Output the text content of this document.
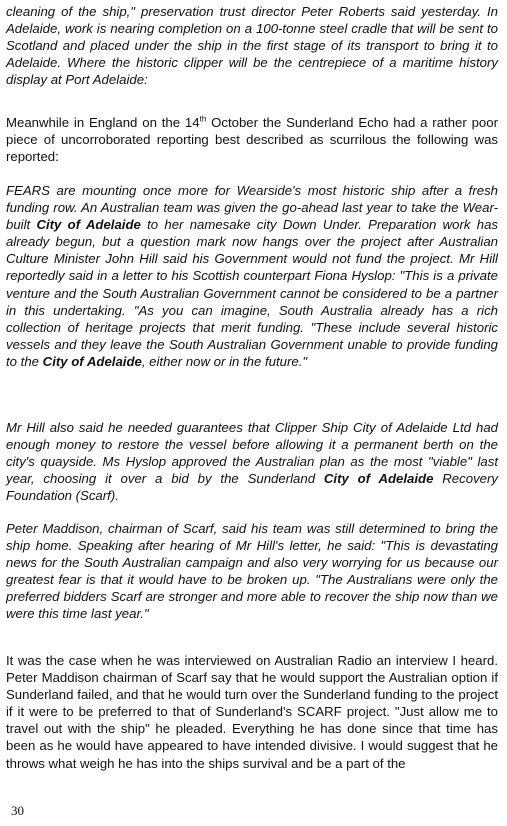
cleaning of the ship," preservation trust director Peter Roberts said yesterday. In Adelaide, work is nearing completion on a 100-tonne steel cradle that will be sent to Scotland and placed under the ship in the first stage of its transport to bring it to Adelaide. Where the historic clipper will be the centrepiece of a maritime history display at Port Adelaide:

Meanwhile in England on the 14th October the Sunderland Echo had a rather poor piece of uncorroborated reporting best described as scurrilous the following was reported:

FEARS are mounting once more for Wearside's most historic ship after a fresh funding row. An Australian team was given the go-ahead last year to take the Wear-built City of Adelaide to her namesake city Down Under. Preparation work has already begun, but a question mark now hangs over the project after Australian Culture Minister John Hill said his Government would not fund the project. Mr Hill reportedly said in a letter to his Scottish counterpart Fiona Hyslop: "This is a private venture and the South Australian Government cannot be considered to be a partner in this undertaking. "As you can imagine, South Australia already has a rich collection of heritage projects that merit funding. "These include several historic vessels and they leave the South Australian Government unable to provide funding to the City of Adelaide, either now or in the future."

Mr Hill also said he needed guarantees that Clipper Ship City of Adelaide Ltd had enough money to restore the vessel before allowing it a permanent berth on the city's quayside. Ms Hyslop approved the Australian plan as the most "viable" last year, choosing it over a bid by the Sunderland City of Adelaide Recovery Foundation (Scarf).

Peter Maddison, chairman of Scarf, said his team was still determined to bring the ship home. Speaking after hearing of Mr Hill's letter, he said: "This is devastating news for the South Australian campaign and also very worrying for us because our greatest fear is that it would have to be broken up. "The Australians were only the preferred bidders Scarf are stronger and more able to recover the ship now than we were this time last year."

It was the case when he was interviewed on Australian Radio an interview I heard. Peter Maddison chairman of Scarf say that he would support the Australian option if Sunderland failed, and that he would turn over the Sunderland funding to the project if it were to be preferred to that of Sunderland's SCARF project. "Just allow me to travel out with the ship" he pleaded. Everything he has done since that time has been as he would have appeared to have intended divisive. I would suggest that he throws what weigh he has into the ships survival and be a part of the

30
